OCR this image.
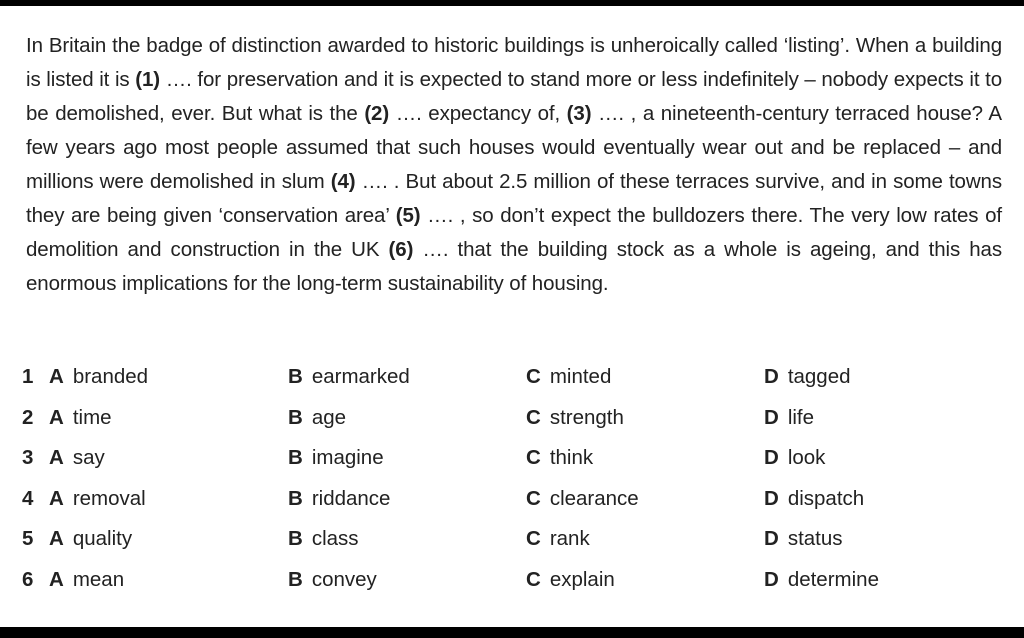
In Britain the badge of distinction awarded to historic buildings is unheroically called ‘listing’. When a building is listed it is (1) …. for preservation and it is expected to stand more or less indefinitely – nobody expects it to be demolished, ever. But what is the (2) …. expectancy of, (3) …. , a nineteenth-century terraced house? A few years ago most people assumed that such houses would eventually wear out and be replaced – and millions were demolished in slum (4) …. . But about 2.5 million of these terraces survive, and in some towns they are being given ‘conservation area’ (5) …. , so don’t expect the bulldozers there. The very low rates of demolition and construction in the UK (6) …. that the building stock as a whole is ageing, and this has enormous implications for the long-term sustainability of housing.
1 A branded	B earmarked	C minted	D tagged
2 A time	B age	C strength	D life
3 A say	B imagine	C think	D look
4 A removal	B riddance	C clearance	D dispatch
5 A quality	B class	C rank	D status
6 A mean	B convey	C explain	D determine
